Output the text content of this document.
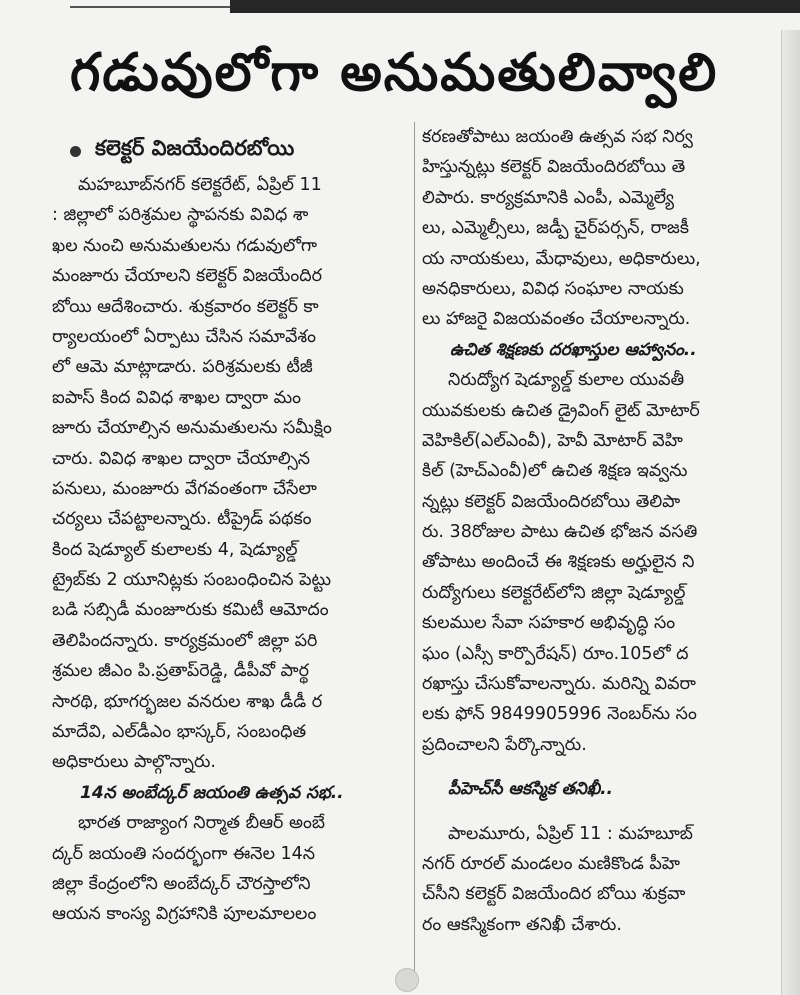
గడువులోగా అనుమతులివ్వాలి
కలెక్టర్ విజయేందిరబోయి
మహబూబ్‌నగర్ కలెక్టరేట్, ఏప్రిల్ 11
: జిల్లాలో పరిశ్రమల స్థాపనకు వివిధ శా
ఖల నుంచి అనుమతులను గడువులోగా
మంజూరు చేయాలని కలెక్టర్ విజయేందిర
బోయి ఆదేశించారు. శుక్రవారం కలెక్టర్ కా
ర్యాలయంలో ఏర్పాటు చేసిన సమావేశం
లో ఆమె మాట్లాడారు. పరిశ్రమలకు టీజీ
ఐపాస్ కింద వివిధ శాఖల ద్వారా మం
జూరు చేయాల్సిన అనుమతులను సమీక్షిం
చారు. వివిధ శాఖల ద్వారా చేయాల్సిన
పనులు, మంజూరు వేగవంతంగా చేసేలా
చర్యలు చేపట్టాలన్నారు. టీప్రైడ్ పథకం
కింద షెడ్యూల్ కులాలకు 4, షెడ్యూల్డ్
ట్రైబ్‌కు 2 యూనిట్లకు సంబంధించిన పెట్టు
బడి సబ్సిడీ మంజూరుకు కమిటీ ఆమోదం
తెలిపిందన్నారు. కార్యక్రమంలో జిల్లా పరి
శ్రమల జీఎం పి.ప్రతాప్‌రెడ్డి, డీపీవో పార్థ
సారథి, భూగర్భజల వనరుల శాఖ డీడీ ర
మాదేవి, ఎల్‌డీఎం భాస్కర్, సంబంధిత
అధికారులు పాల్గొన్నారు.
14న అంబేద్కర్ జయంతి ఉత్సవ సభ..
భారత రాజ్యాంగ నిర్మాత బీఆర్ అంబే
ద్కర్ జయంతి సందర్భంగా ఈనెల 14న
జిల్లా కేంద్రంలోని అంబేద్కర్ చౌరస్తాలోని
ఆయన కాంస్య విగ్రహానికి పూలమాలలం
కరణతోపాటు జయంతి ఉత్సవ సభ నిర్వ
హిస్తున్నట్లు కలెక్టర్ విజయేందిరబోయి తె
లిపారు. కార్యక్రమానికి ఎంపీ, ఎమ్మెల్యే
లు, ఎమ్మెల్సీలు, జడ్పీ చైర్‌పర్సన్, రాజకీ
య నాయకులు, మేధావులు, అధికారులు,
అనధికారులు, వివిధ సంఘాల నాయకు
లు హాజరై విజయవంతం చేయాలన్నారు.
ఉచిత శిక్షణకు దరఖాస్తుల ఆహ్వానం..
నిరుద్యోగ షెడ్యూల్డ్ కులాల యువతీ
యువకులకు ఉచిత డ్రైవింగ్ లైట్ మోటార్
వెహికిల్(ఎల్‌ఎంవీ), హెవీ మోటార్ వెహి
కిల్ (హెచ్‌ఎంవీ)లో ఉచిత శిక్షణ ఇవ్వను
న్నట్లు కలెక్టర్ విజయేందిరబోయి తెలిపా
రు. 38రోజుల పాటు ఉచిత భోజన వసతి
తోపాటు అందించే ఈ శిక్షణకు అర్హులైన ని
రుద్యోగులు కలెక్టరేట్‌లోని జిల్లా షెడ్యూల్డ్
కులముల సేవా సహకార అభివృద్ధి సం
ఘం (ఎస్సీ కార్పొరేషన్) రూం.105లో ద
రఖాస్తు చేసుకోవాలన్నారు. మరిన్ని వివరా
లకు ఫోన్ 9849905996 నెంబర్‌ను సం
ప్రదించాలని పేర్కొన్నారు.
పీహెచ్‌సీ ఆకస్మిక తనిఖీ..
పాలమూరు, ఏప్రిల్ 11 : మహబూబ్
నగర్ రూరల్ మండలం మణికొండ పీహె
చ్‌సీని కలెక్టర్ విజయేందిర బోయి శుక్రవా
రం ఆకస్మికంగా తనిఖీ చేశారు.
